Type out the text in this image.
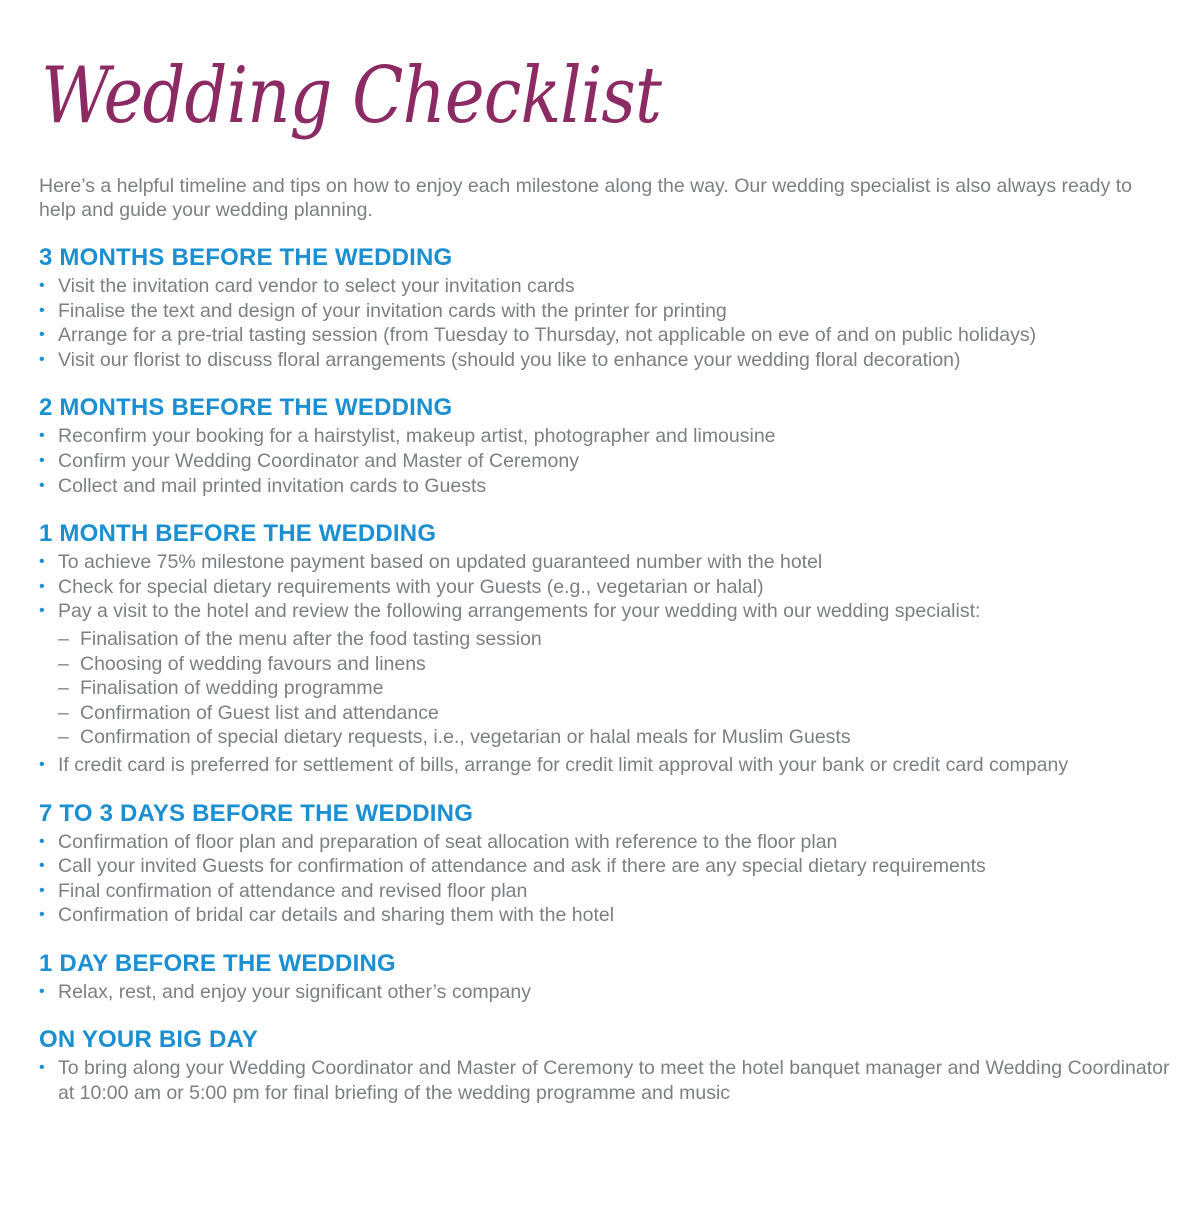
Wedding Checklist
Here’s a helpful timeline and tips on how to enjoy each milestone along the way. Our wedding specialist is also always ready to help and guide your wedding planning.
3 MONTHS BEFORE THE WEDDING
• Visit the invitation card vendor to select your invitation cards
• Finalise the text and design of your invitation cards with the printer for printing
• Arrange for a pre-trial tasting session (from Tuesday to Thursday, not applicable on eve of and on public holidays)
• Visit our florist to discuss floral arrangements (should you like to enhance your wedding floral decoration)
2 MONTHS BEFORE THE WEDDING
• Reconfirm your booking for a hairstylist, makeup artist, photographer and limousine
• Confirm your Wedding Coordinator and Master of Ceremony
• Collect and mail printed invitation cards to Guests
1 MONTH BEFORE THE WEDDING
• To achieve 75% milestone payment based on updated guaranteed number with the hotel
• Check for special dietary requirements with your Guests (e.g., vegetarian or halal)
• Pay a visit to the hotel and review the following arrangements for your wedding with our wedding specialist:
– Finalisation of the menu after the food tasting session
– Choosing of wedding favours and linens
– Finalisation of wedding programme
– Confirmation of Guest list and attendance
– Confirmation of special dietary requests, i.e., vegetarian or halal meals for Muslim Guests
• If credit card is preferred for settlement of bills, arrange for credit limit approval with your bank or credit card company
7 TO 3 DAYS BEFORE THE WEDDING
• Confirmation of floor plan and preparation of seat allocation with reference to the floor plan
• Call your invited Guests for confirmation of attendance and ask if there are any special dietary requirements
• Final confirmation of attendance and revised floor plan
• Confirmation of bridal car details and sharing them with the hotel
1 DAY BEFORE THE WEDDING
• Relax, rest, and enjoy your significant other’s company
ON YOUR BIG DAY
• To bring along your Wedding Coordinator and Master of Ceremony to meet the hotel banquet manager and Wedding Coordinator at 10:00 am or 5:00 pm for final briefing of the wedding programme and music
